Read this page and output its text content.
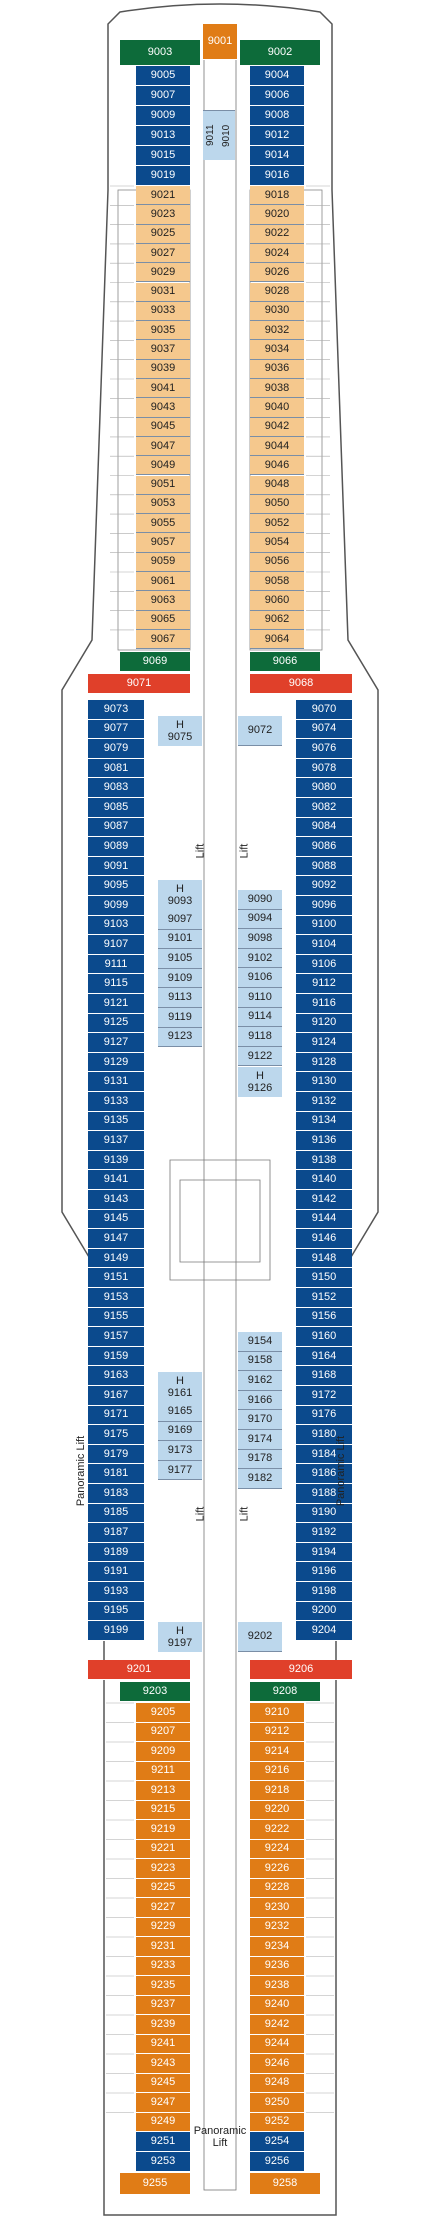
9003
9001
9002
9005
9007
9009
9013
9015
9019
9004
9006
9008
9012
9014
9016
9011 9010
9021
9023
9025
9027
9029
9031
9033
9035
9037
9039
9041
9043
9045
9047
9049
9051
9053
9055
9057
9059
9061
9063
9065
9067
9018
9020
9022
9024
9026
9028
9030
9032
9034
9036
9038
9040
9042
9044
9046
9048
9050
9052
9054
9056
9058
9060
9062
9064
9069	9066
9071	9068
9073
9077
9079
9081
9083
9085
9087
9089
9091
9095
9099
9103
9107
9111
9115
9121
9125
9127
9129
9131
9133
9135
9137
9139
9141
9143
9145
9147
9149
9151
9153
9155
9157
9159
9163
9167
9171
9175
9179
9181
9183
9185
9187
9189
9191
9193
9195
9199
9070
9074
9076
9078
9080
9082
9084
9086
9088
9092
9096
9100
9104
9106
9112
9116
9120
9124
9128
9130
9132
9134
9136
9138
9140
9142
9144
9146
9148
9150
9152
9156
9160
9164
9168
9172
9176
9180
9184
9186
9188
9190
9192
9194
9196
9198
9200
9204
H
9075
9072
Lift	Lift
H
9093
9097
9101
9105
9109
9113
9119
9123
9090
9094
9098
9102
9106
9110
9114
9118
9122
H
9126
9154
9158
9162
9166
9170
9174
9178
9182
H
9161
9165
9169
9173
9177
Lift	Lift
H
9197
9202
9201	9206
9203	9208
9205
9207
9209
9211
9213
9215
9219
9221
9223
9225
9227
9229
9231
9233
9235
9237
9239
9241
9243
9245
9247
9249
9210
9212
9214
9216
9218
9220
9222
9224
9226
9228
9230
9232
9234
9236
9238
9240
9242
9244
9246
9248
9250
9252
9251
9253
9254
9256
9255	9258
Panoramic Lift	Panoramic Lift
Panoramic
Lift
